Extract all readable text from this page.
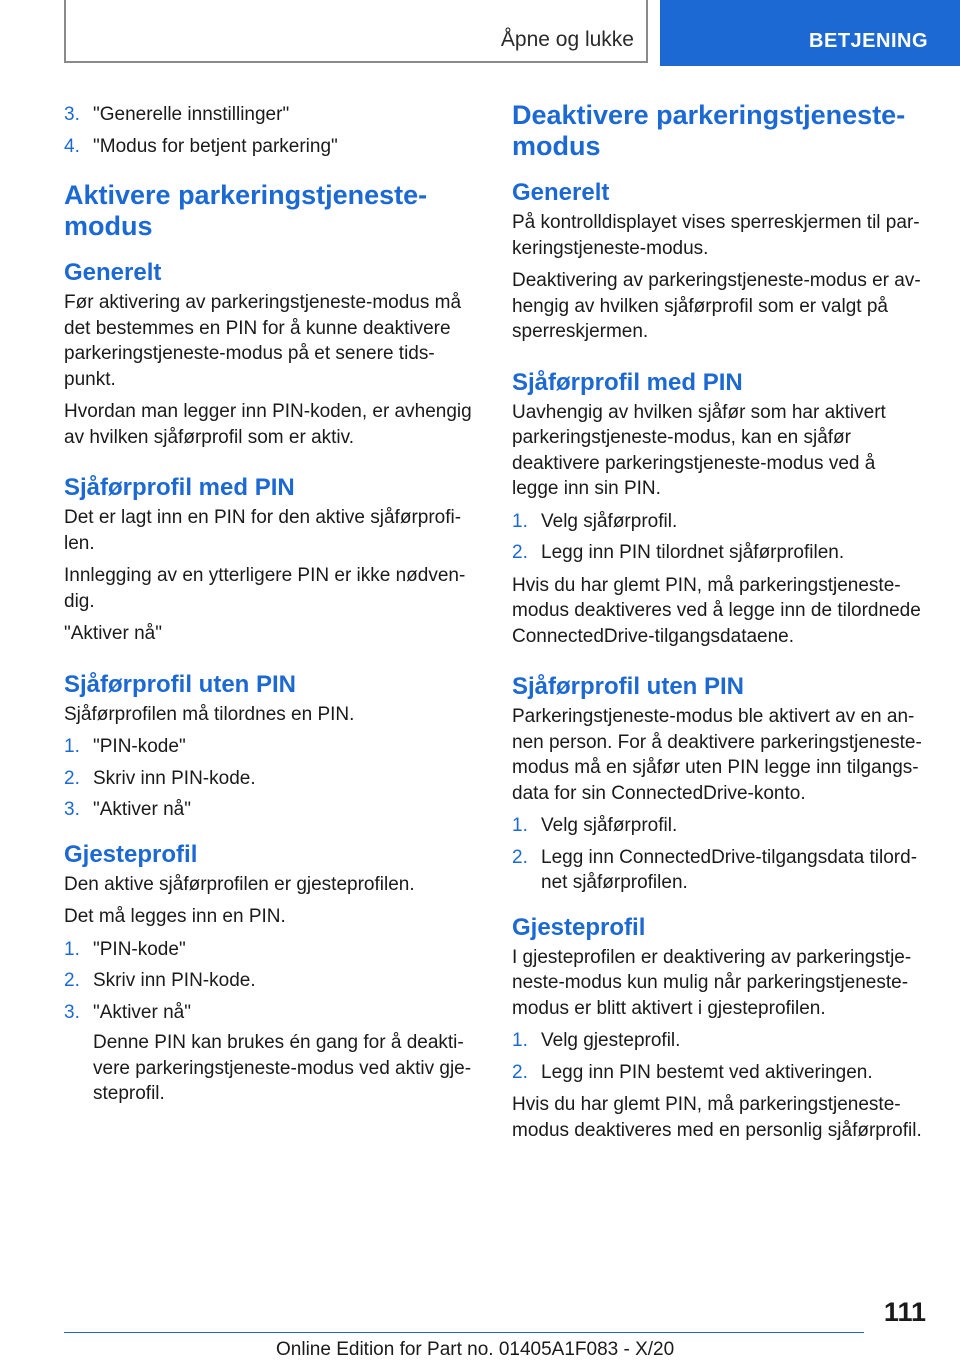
Åpne og lukke	BETJENING
3. "Generelle innstillinger"
4. "Modus for betjent parkering"
Aktivere parkeringstjenestemodus
Generelt

Før aktivering av parkeringstjeneste-modus må det bestemmes en PIN for å kunne deaktivere parkeringstjeneste-modus på et senere tidspunkt.

Hvordan man legger inn PIN-koden, er avhengig av hvilken sjåførprofil som er aktiv.

Sjåførprofil med PIN

Det er lagt inn en PIN for den aktive sjåførprofilen.

Innlegging av en ytterligere PIN er ikke nødvendig.

"Aktiver nå"

Sjåførprofil uten PIN

Sjåførprofilen må tilordnes en PIN.

1. "PIN-kode"
2. Skriv inn PIN-kode.
3. "Aktiver nå"
Gjesteprofil

Den aktive sjåførprofilen er gjesteprofilen.

Det må legges inn en PIN.

1. "PIN-kode"
2. Skriv inn PIN-kode.
3. "Aktiver nå"
Denne PIN kan brukes én gang for å deaktivere parkeringstjeneste-modus ved aktiv gjesteprofil.
Deaktivere parkeringstjenestemodus
Generelt

På kontrolldisplayet vises sperreskjermen til parkeringstjeneste-modus.

Deaktivering av parkeringstjeneste-modus er avhengig av hvilken sjåførprofil som er valgt på sperreskjermen.

Sjåførprofil med PIN

Uavhengig av hvilken sjåfør som har aktivert parkeringstjeneste-modus, kan en sjåfør deaktivere parkeringstjeneste-modus ved å legge inn sin PIN.

1. Velg sjåførprofil.
2. Legg inn PIN tilordnet sjåførprofilen.

Hvis du har glemt PIN, må parkeringstjenestemodus deaktiveres ved å legge inn de tilordnede ConnectedDrive-tilgangsdataene.

Sjåførprofil uten PIN

Parkeringstjeneste-modus ble aktivert av en annen person. For å deaktivere parkeringstjenestemodus må en sjåfør uten PIN legge inn tilgangsdata for sin ConnectedDrive-konto.

1. Velg sjåførprofil.
2. Legg inn ConnectedDrive-tilgangsdata tilordnet sjåførprofilen.
Gjesteprofil

I gjesteprofilen er deaktivering av parkeringstjeneste-modus kun mulig når parkeringstjenestemodus er blitt aktivert i gjesteprofilen.

1. Velg gjesteprofil.
2. Legg inn PIN bestemt ved aktiveringen.

Hvis du har glemt PIN, må parkeringstjenestemodus deaktiveres med en personlig sjåførprofil.

111
Online Edition for Part no. 01405A1F083 - X/20
